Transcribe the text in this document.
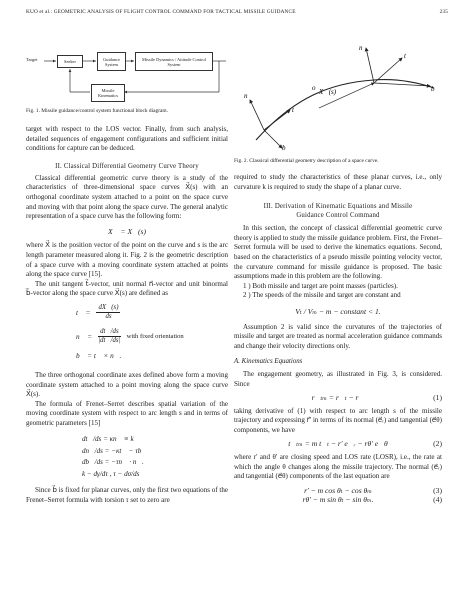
KUO et al.: GEOMETRIC ANALYSIS OF FLIGHT CONTROL COMMAND FOR TACTICAL MISSILE GUIDANCE	235
Seeker	Guidance System
Missile Dynamics / Attitude Control System
Missile Kinematics
Target

Fig. 1. Missile guidance/control system functional block diagram.

target with respect to the LOS vector. Finally, from such analysis, detailed sequences of engagement configurations and sufficient initial conditions for capture can be deduced.

II. Classical Differential Geometry Curve Theory

Classical differential geometric curve theory is a study of the characteristics of three-dimensional space curves X⃗(s) with an orthogonal coordinate system attached to a point on the space curve and moving with that point along the space curve. The general analytic representation of a space curve has the following form:

X⃗ = X⃗(s)

where X⃗ is the position vector of the point on the curve and s is the arc length parameter measured along it. Fig. 2 is the geometric description of a space curve with a moving coordinate system attached at points along the space curve [15].

The unit tangent t⃗-vector, unit normal n⃗-vector and unit binormal b⃗-vector along the space curve X⃗(s) are defined as

t⃗ = $\frac{dX⃗(s)}{ds}$
n⃗ = $\frac{dt⃗/ds}{|dt⃗/ds|}$ with fixed orientation
b⃗ = t⃗ × n⃗.

The three orthogonal coordinate axes defined above form a moving coordinate system attached to a point moving along the space curve X⃗(s).

The formula of Frenet–Serret describes spatial variation of the moving coordinate system with respect to arc length s and in terms of geometric parameters [15]

dt⃗/ds = κn⃗ ≡ k⃗
dn⃗/ds = −κt⃗ − τb⃗
db⃗/ds = −τn⃗ · n⃗.
k − dγ/dτ , τ − dσ/ds

Since b⃗ is fixed for planar curves, only the first two equations of the Frenet–Serret formula with torsion τ set to zero are

n⃗
t⃗
b⃗
X⃗(s)
o
n⃗
t⃗
b⃗

Fig. 2. Classical differential geometry description of a space curve.

required to study the characteristics of these planar curves, i.e., only curvature k is required to study the shape of a planar curve.

III. Derivation of Kinematic Equations and Missile

Guidance Control Command

In this section, the concept of classical differential geometric curve theory is applied to study the missile guidance problem. First, the Frenet–Serret formula will be used to derive the kinematics equations. Second, based on the characteristics of a pseudo missile pointing velocity vector, the curvature command for missile guidance is proposed. The basic assumptions made in this problem are the following.

1 ) Both missile and target are point masses (particles).

2 ) The speeds of the missile and target are constant and

Vₜ / Vₘ − m − constant < 1.

Assumption 2 is valid since the curvatures of the trajectories of missile and target are treated as normal acceleration guidance commands and change their velocity directions only.

A. Kinematics Equations

The engagement geometry, as illustrated in Fig. 3, is considered. Since

r⃗ₜₘ = r⃗ₜ − r⃗	(1)

taking derivative of (1) with respect to arc length s of the missile trajectory and expressing r⃗′ in terms of its normal (e⃗ᵣ) and tangential (e⃗θ) components, we have

t⃗ₜₘ = m t⃗ₜ − r′ e⃗ᵣ − rθ′ e⃗θ	(2)

where r′ and θ′ are closing speed and LOS rate (LOSR), i.e., the rate at which the angle θ changes along the missile trajectory. The normal (e⃗ᵣ) and tangential (e⃗θ) components of the last equation are

r′ − m cos θₜ − cos θₘ	(3)
rθ′ − m sin θₜ − sin θₘ.	(4)
